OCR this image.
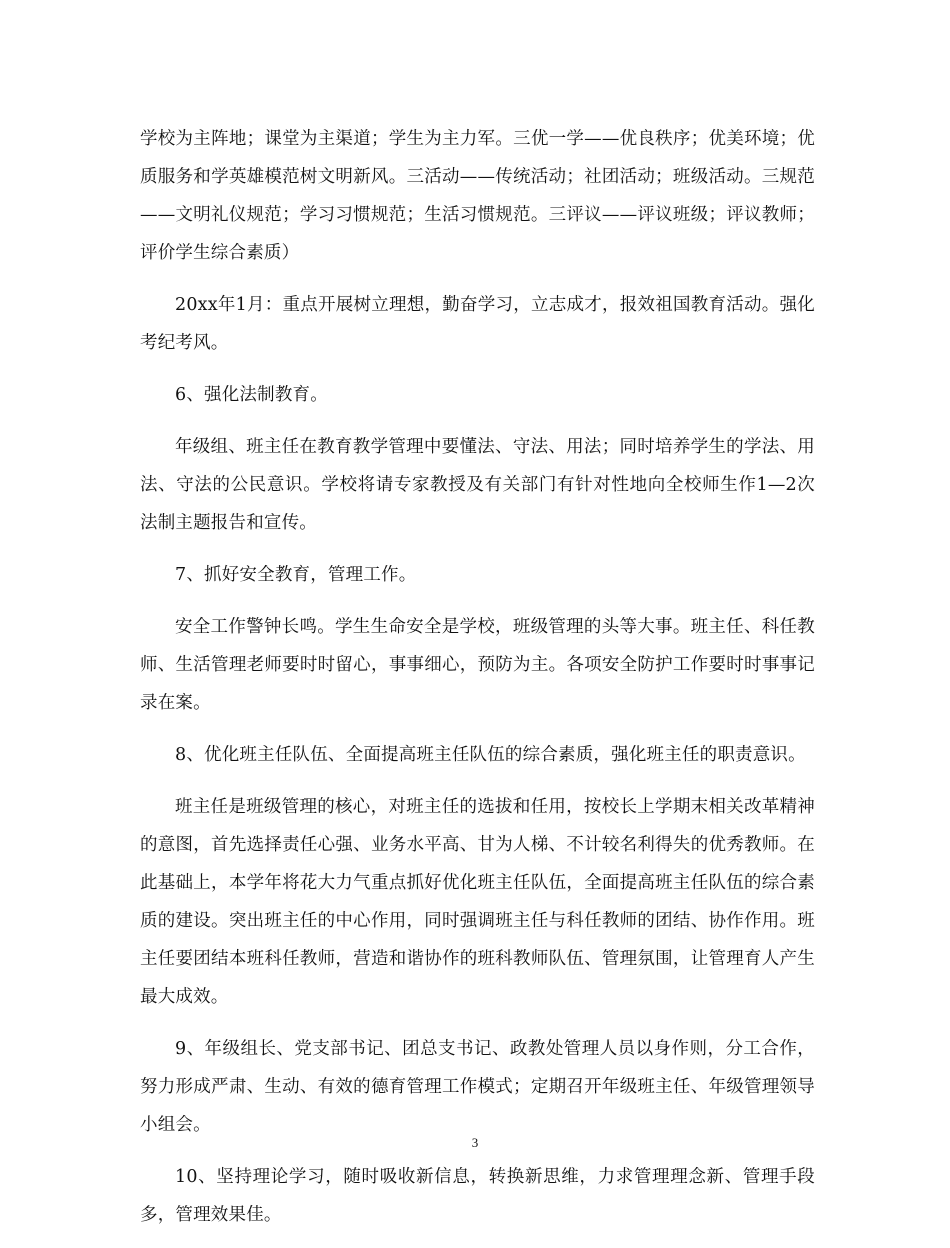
学校为主阵地；课堂为主渠道；学生为主力军。三优一学——优良秩序；优美环境；优质服务和学英雄模范树文明新风。三活动——传统活动；社团活动；班级活动。三规范——文明礼仪规范；学习习惯规范；生活习惯规范。三评议——评议班级；评议教师；评价学生综合素质）

20xx年1月：重点开展树立理想，勤奋学习，立志成才，报效祖国教育活动。强化考纪考风。

6、强化法制教育。

年级组、班主任在教育教学管理中要懂法、守法、用法；同时培养学生的学法、用法、守法的公民意识。学校将请专家教授及有关部门有针对性地向全校师生作1—2次法制主题报告和宣传。

7、抓好安全教育，管理工作。

安全工作警钟长鸣。学生生命安全是学校，班级管理的头等大事。班主任、科任教师、生活管理老师要时时留心，事事细心，预防为主。各项安全防护工作要时时事事记录在案。

8、优化班主任队伍、全面提高班主任队伍的综合素质，强化班主任的职责意识。

班主任是班级管理的核心，对班主任的选拔和任用，按校长上学期末相关改革精神的意图，首先选择责任心强、业务水平高、甘为人梯、不计较名利得失的优秀教师。在此基础上，本学年将花大力气重点抓好优化班主任队伍，全面提高班主任队伍的综合素质的建设。突出班主任的中心作用，同时强调班主任与科任教师的团结、协作作用。班主任要团结本班科任教师，营造和谐协作的班科教师队伍、管理氛围，让管理育人产生最大成效。

9、年级组长、党支部书记、团总支书记、政教处管理人员以身作则，分工合作，努力形成严肃、生动、有效的德育管理工作模式；定期召开年级班主任、年级管理领导小组会。

10、坚持理论学习，随时吸收新信息，转换新思维，力求管理理念新、管理手段多，管理效果佳。

3
